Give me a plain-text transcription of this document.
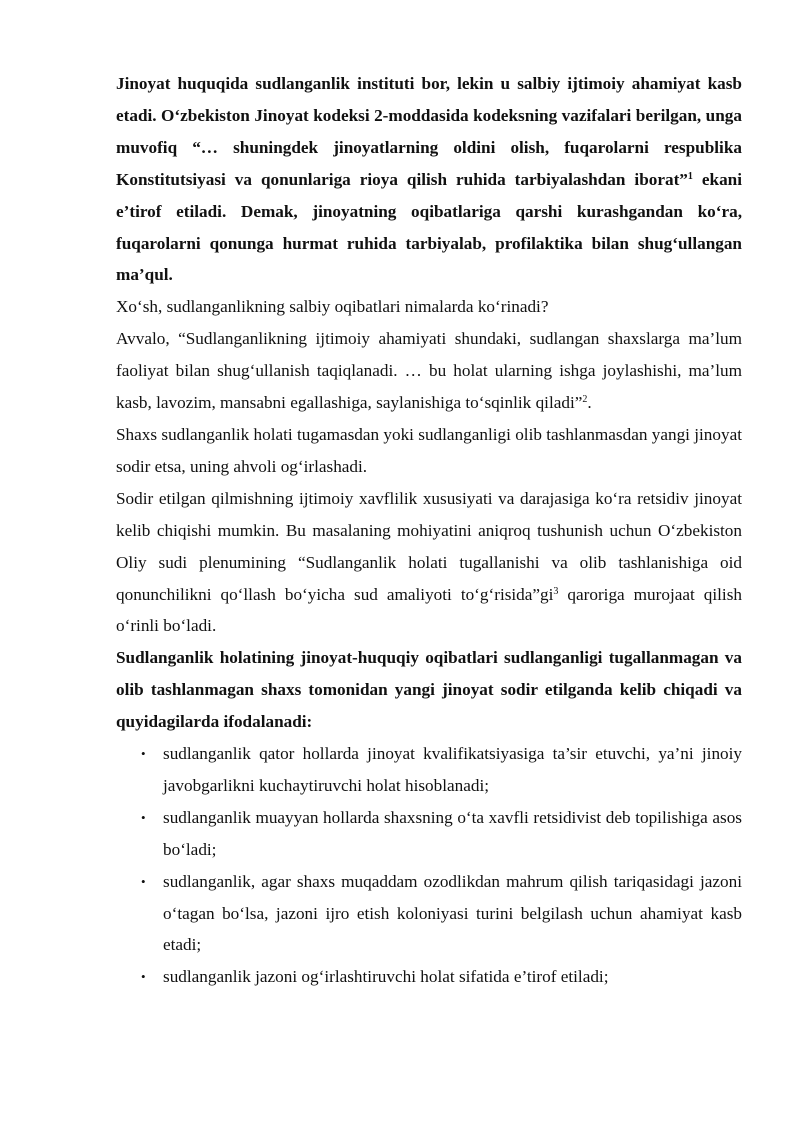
Jinoyat huquqida sudlanganlik instituti bor, lekin u salbiy ijtimoiy ahamiyat kasb etadi. O‘zbekiston Jinoyat kodeksi 2-moddasida kodeksning vazifalari berilgan, unga muvofiq “… shuningdek jinoyatlarning oldini olish, fuqarolarni respublika Konstitutsiyasi va qonunlariga rioya qilish ruhida tarbiyalashdan iborat”$^1$ ekani e’tirof etiladi. Demak, jinoyatning oqibatlariga qarshi kurashgandan ko‘ra, fuqarolarni qonunga hurmat ruhida tarbiyalab, profilaktika bilan shug‘ullangan ma’qul.

Xo‘sh, sudlanganlikning salbiy oqibatlari nimalarda ko‘rinadi?

Avvalo, “Sudlanganlikning ijtimoiy ahamiyati shundaki, sudlangan shaxslarga ma’lum faoliyat bilan shug‘ullanish taqiqlanadi. … bu holat ularning ishga joylashishi, ma’lum kasb, lavozim, mansabni egallashiga, saylanishiga to‘sqinlik qiladi”$^2$.

Shaxs sudlanganlik holati tugamasdan yoki sudlanganligi olib tashlanmasdan yangi jinoyat sodir etsa, uning ahvoli og‘irlashadi.

Sodir etilgan qilmishning ijtimoiy xavflilik xususiyati va darajasiga ko‘ra retsidiv jinoyat kelib chiqishi mumkin. Bu masalaning mohiyatini aniqroq tushunish uchun O‘zbekiston Oliy sudi plenumining “Sudlanganlik holati tugallanishi va olib tashlanishiga oid qonunchilikni qo‘llash bo‘yicha sud amaliyoti $to‘g‘risida”gi^3$ qaroriga murojaat qilish o‘rinli bo‘ladi.

Sudlanganlik holatining jinoyat-huquqiy oqibatlari sudlanganligi tugallanmagan va olib tashlanmagan shaxs tomonidan yangi jinoyat sodir etilganda kelib chiqadi va quyidagilarda ifodalanadi:

• sudlanganlik qator hollarda jinoyat kvalifikatsiyasiga ta’sir etuvchi, ya’ni jinoiy javobgarlikni kuchaytiruvchi holat hisoblanadi;
• sudlanganlik muayyan hollarda shaxsning o‘ta xavfli retsidivist deb topilishiga asos bo‘ladi;
• sudlanganlik, agar shaxs muqaddam ozodlikdan mahrum qilish tariqasidagi jazoni o‘tagan bo‘lsa, jazoni ijro etish koloniyasi turini belgilash uchun ahamiyat kasb etadi;
• sudlanganlik jazoni og‘irlashtiruvchi holat sifatida e’tirof etiladi;
